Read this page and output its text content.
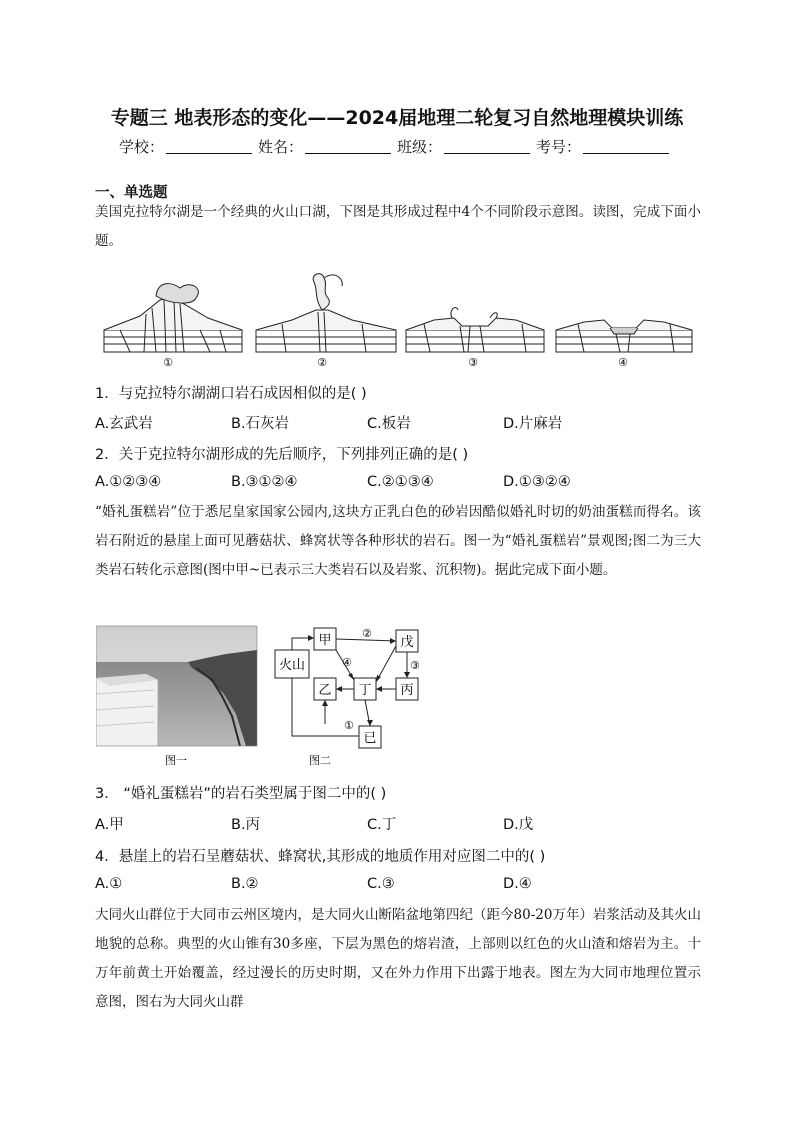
专题三 地表形态的变化——2024届地理二轮复习自然地理模块训练
学校：	姓名：	班级：	考号：
一、单选题
美国克拉特尔湖是一个经典的火山口湖，下图是其形成过程中4个不同阶段示意图。读图，完成下面小题。
①	②	③	④
1．与克拉特尔湖湖口岩石成因相似的是( )
A.玄武岩	B.石灰岩	C.板岩	D.片麻岩
2．关于克拉特尔湖形成的先后顺序，下列排列正确的是( )
A.①②③④	B.③①②④	C.②①③④	D.①③②④
“婚礼蛋糕岩”位于悉尼皇家国家公园内,这块方正乳白色的砂岩因酷似婚礼时切的奶油蛋糕而得名。该岩石附近的悬崖上面可见蘑菇状、蜂窝状等各种形状的岩石。图一为“婚礼蛋糕岩”景观图;图二为三大类岩石转化示意图(图中甲~已表示三大类岩石以及岩浆、沉积物)。据此完成下面小题。
图一
火山
甲
乙 丁
戊
丙
已
①
②
③
④
图二
3． “婚礼蛋糕岩”的岩石类型属于图二中的( )
A.甲	B.丙	C.丁	D.戊
4．悬崖上的岩石呈蘑菇状、蜂窝状,其形成的地质作用对应图二中的( )
A.①	B.②	C.③	D.④
大同火山群位于大同市云州区境内，是大同火山断陷盆地第四纪（距今80-20万年）岩浆活动及其火山地貌的总称。典型的火山锥有30多座，下层为黑色的熔岩渣，上部则以红色的火山渣和熔岩为主。十万年前黄土开始覆盖，经过漫长的历史时期，又在外力作用下出露于地表。图左为大同市地理位置示意图，图右为大同火山群
